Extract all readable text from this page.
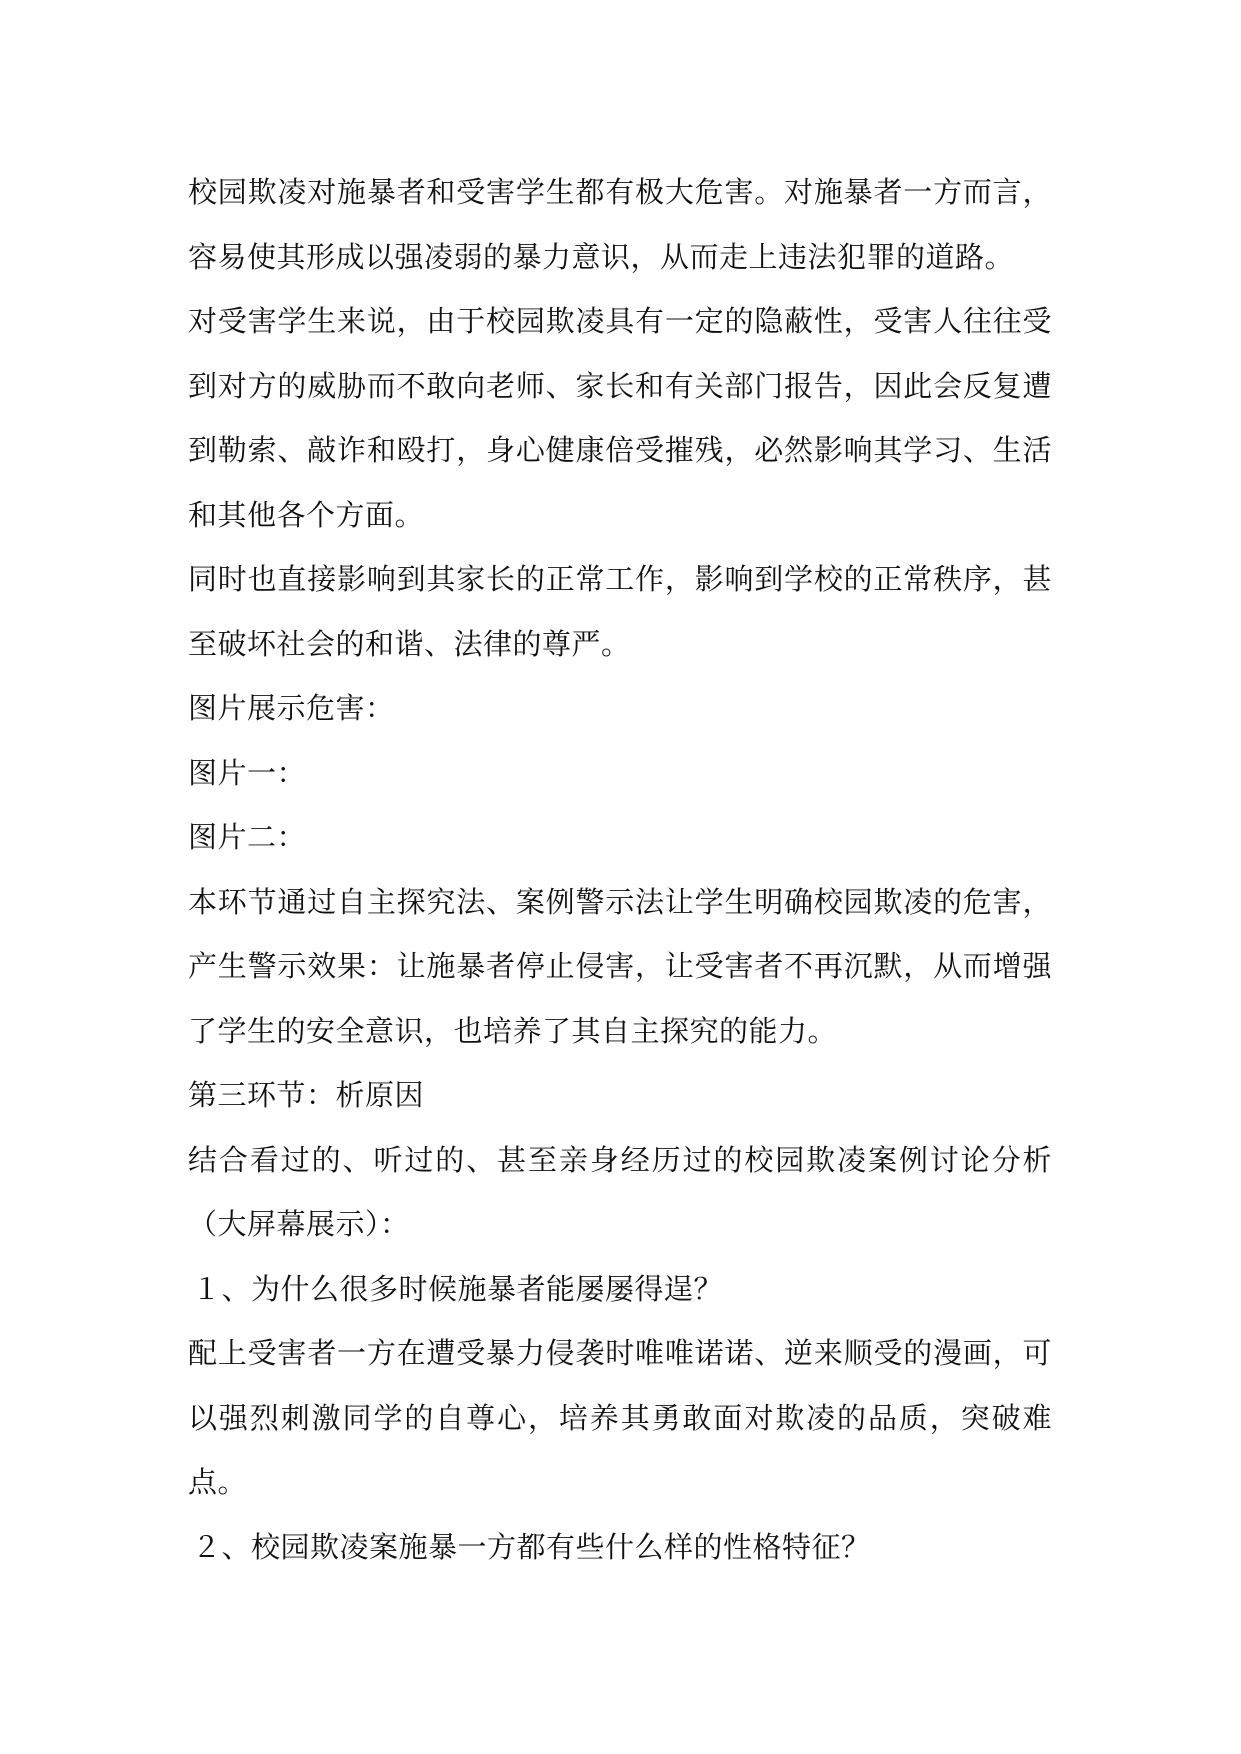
校园欺凌对施暴者和受害学生都有极大危害。对施暴者一方而言，容易使其形成以强凌弱的暴力意识，从而走上违法犯罪的道路。

对受害学生来说，由于校园欺凌具有一定的隐蔽性，受害人往往受到对方的威胁而不敢向老师、家长和有关部门报告，因此会反复遭到勒索、敲诈和殴打，身心健康倍受摧残，必然影响其学习、生活和其他各个方面。

同时也直接影响到其家长的正常工作，影响到学校的正常秩序，甚至破坏社会的和谐、法律的尊严。

图片展示危害：

图片一：

图片二：

本环节通过自主探究法、案例警示法让学生明确校园欺凌的危害，产生警示效果：让施暴者停止侵害，让受害者不再沉默，从而增强了学生的安全意识，也培养了其自主探究的能力。

第三环节：析原因

结合看过的、听过的、甚至亲身经历过的校园欺凌案例讨论分析（大屏幕展示）：

１、为什么很多时候施暴者能屡屡得逞？

配上受害者一方在遭受暴力侵袭时唯唯诺诺、逆来顺受的漫画，可以强烈刺激同学的自尊心，培养其勇敢面对欺凌的品质，突破难点。

２、校园欺凌案施暴一方都有些什么样的性格特征？
